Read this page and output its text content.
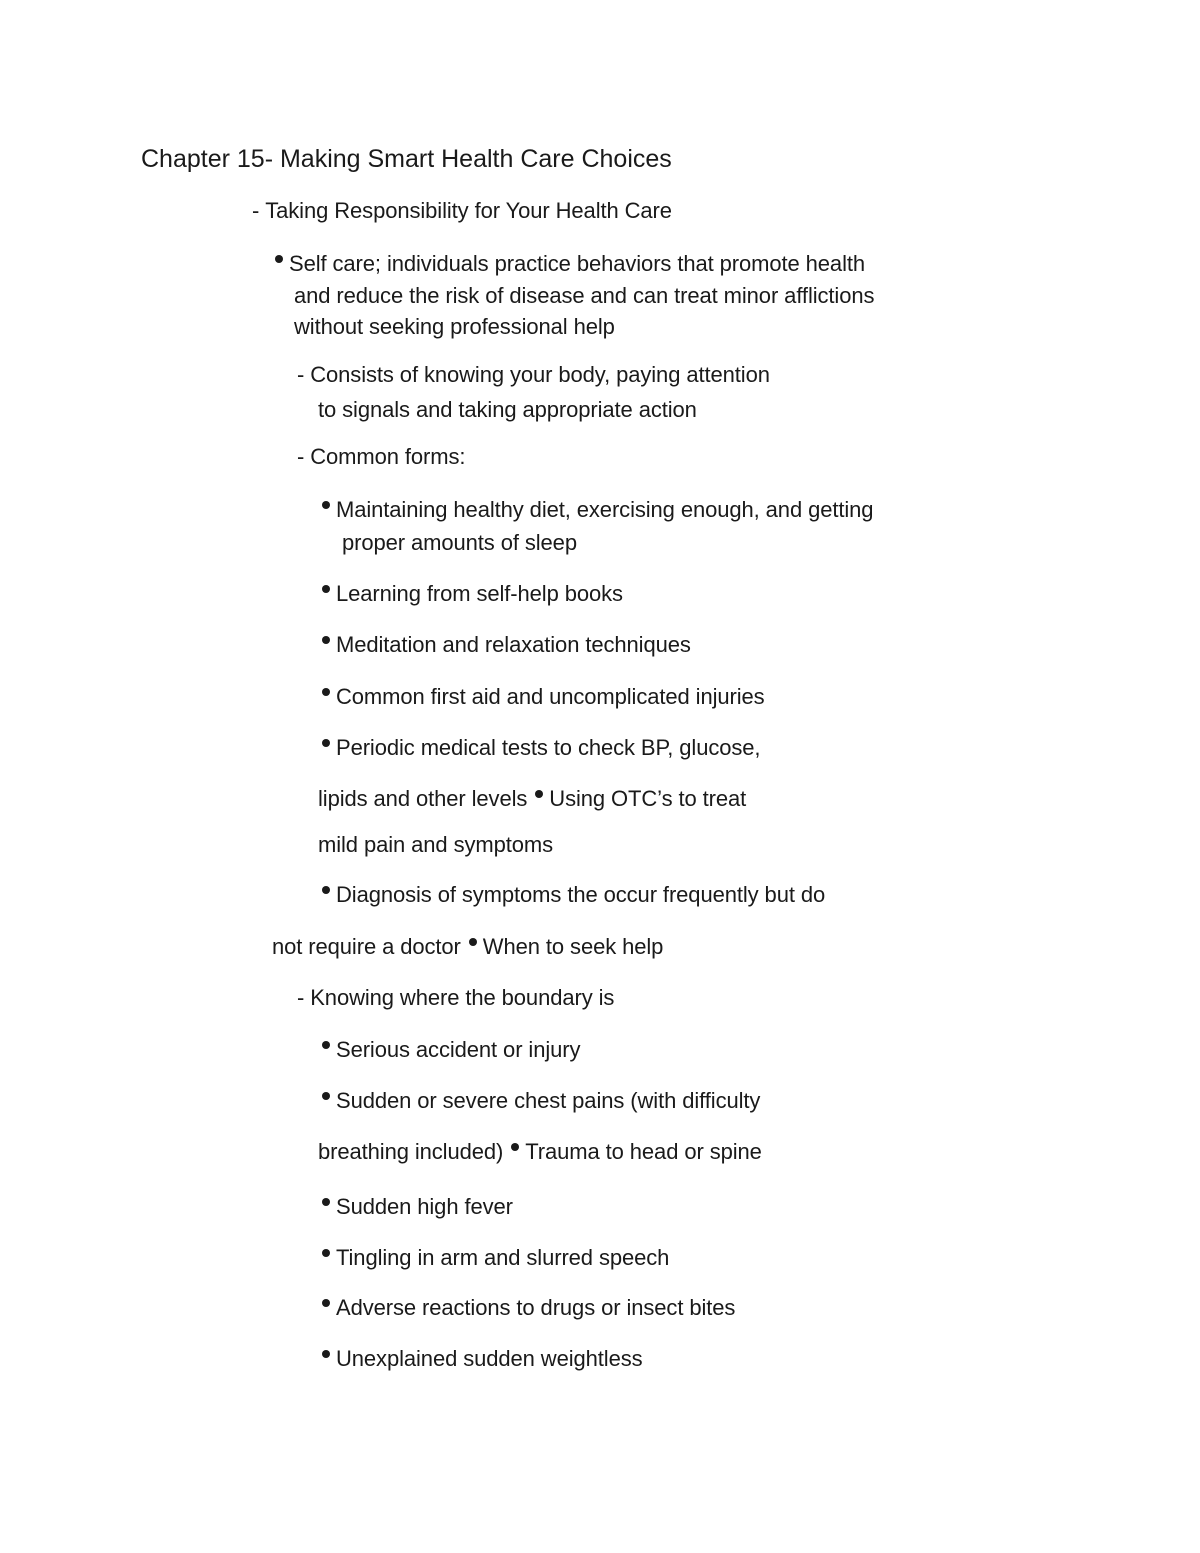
Chapter 15- Making Smart Health Care Choices
- Taking Responsibility for Your Health Care
Self care; individuals practice behaviors that promote health
and reduce the risk of disease and can treat minor afflictions
without seeking professional help
- Consists of knowing your body, paying attention
to signals and taking appropriate action
- Common forms:
Maintaining healthy diet, exercising enough, and getting
proper amounts of sleep
Learning from self-help books
Meditation and relaxation techniques
Common first aid and uncomplicated injuries
Periodic medical tests to check BP, glucose,
lipids and other levels Using OTC’s to treat
mild pain and symptoms
Diagnosis of symptoms the occur frequently but do
not require a doctor When to seek help
- Knowing where the boundary is
Serious accident or injury
Sudden or severe chest pains (with difficulty
breathing included) Trauma to head or spine
Sudden high fever
Tingling in arm and slurred speech
Adverse reactions to drugs or insect bites
Unexplained sudden weightless
